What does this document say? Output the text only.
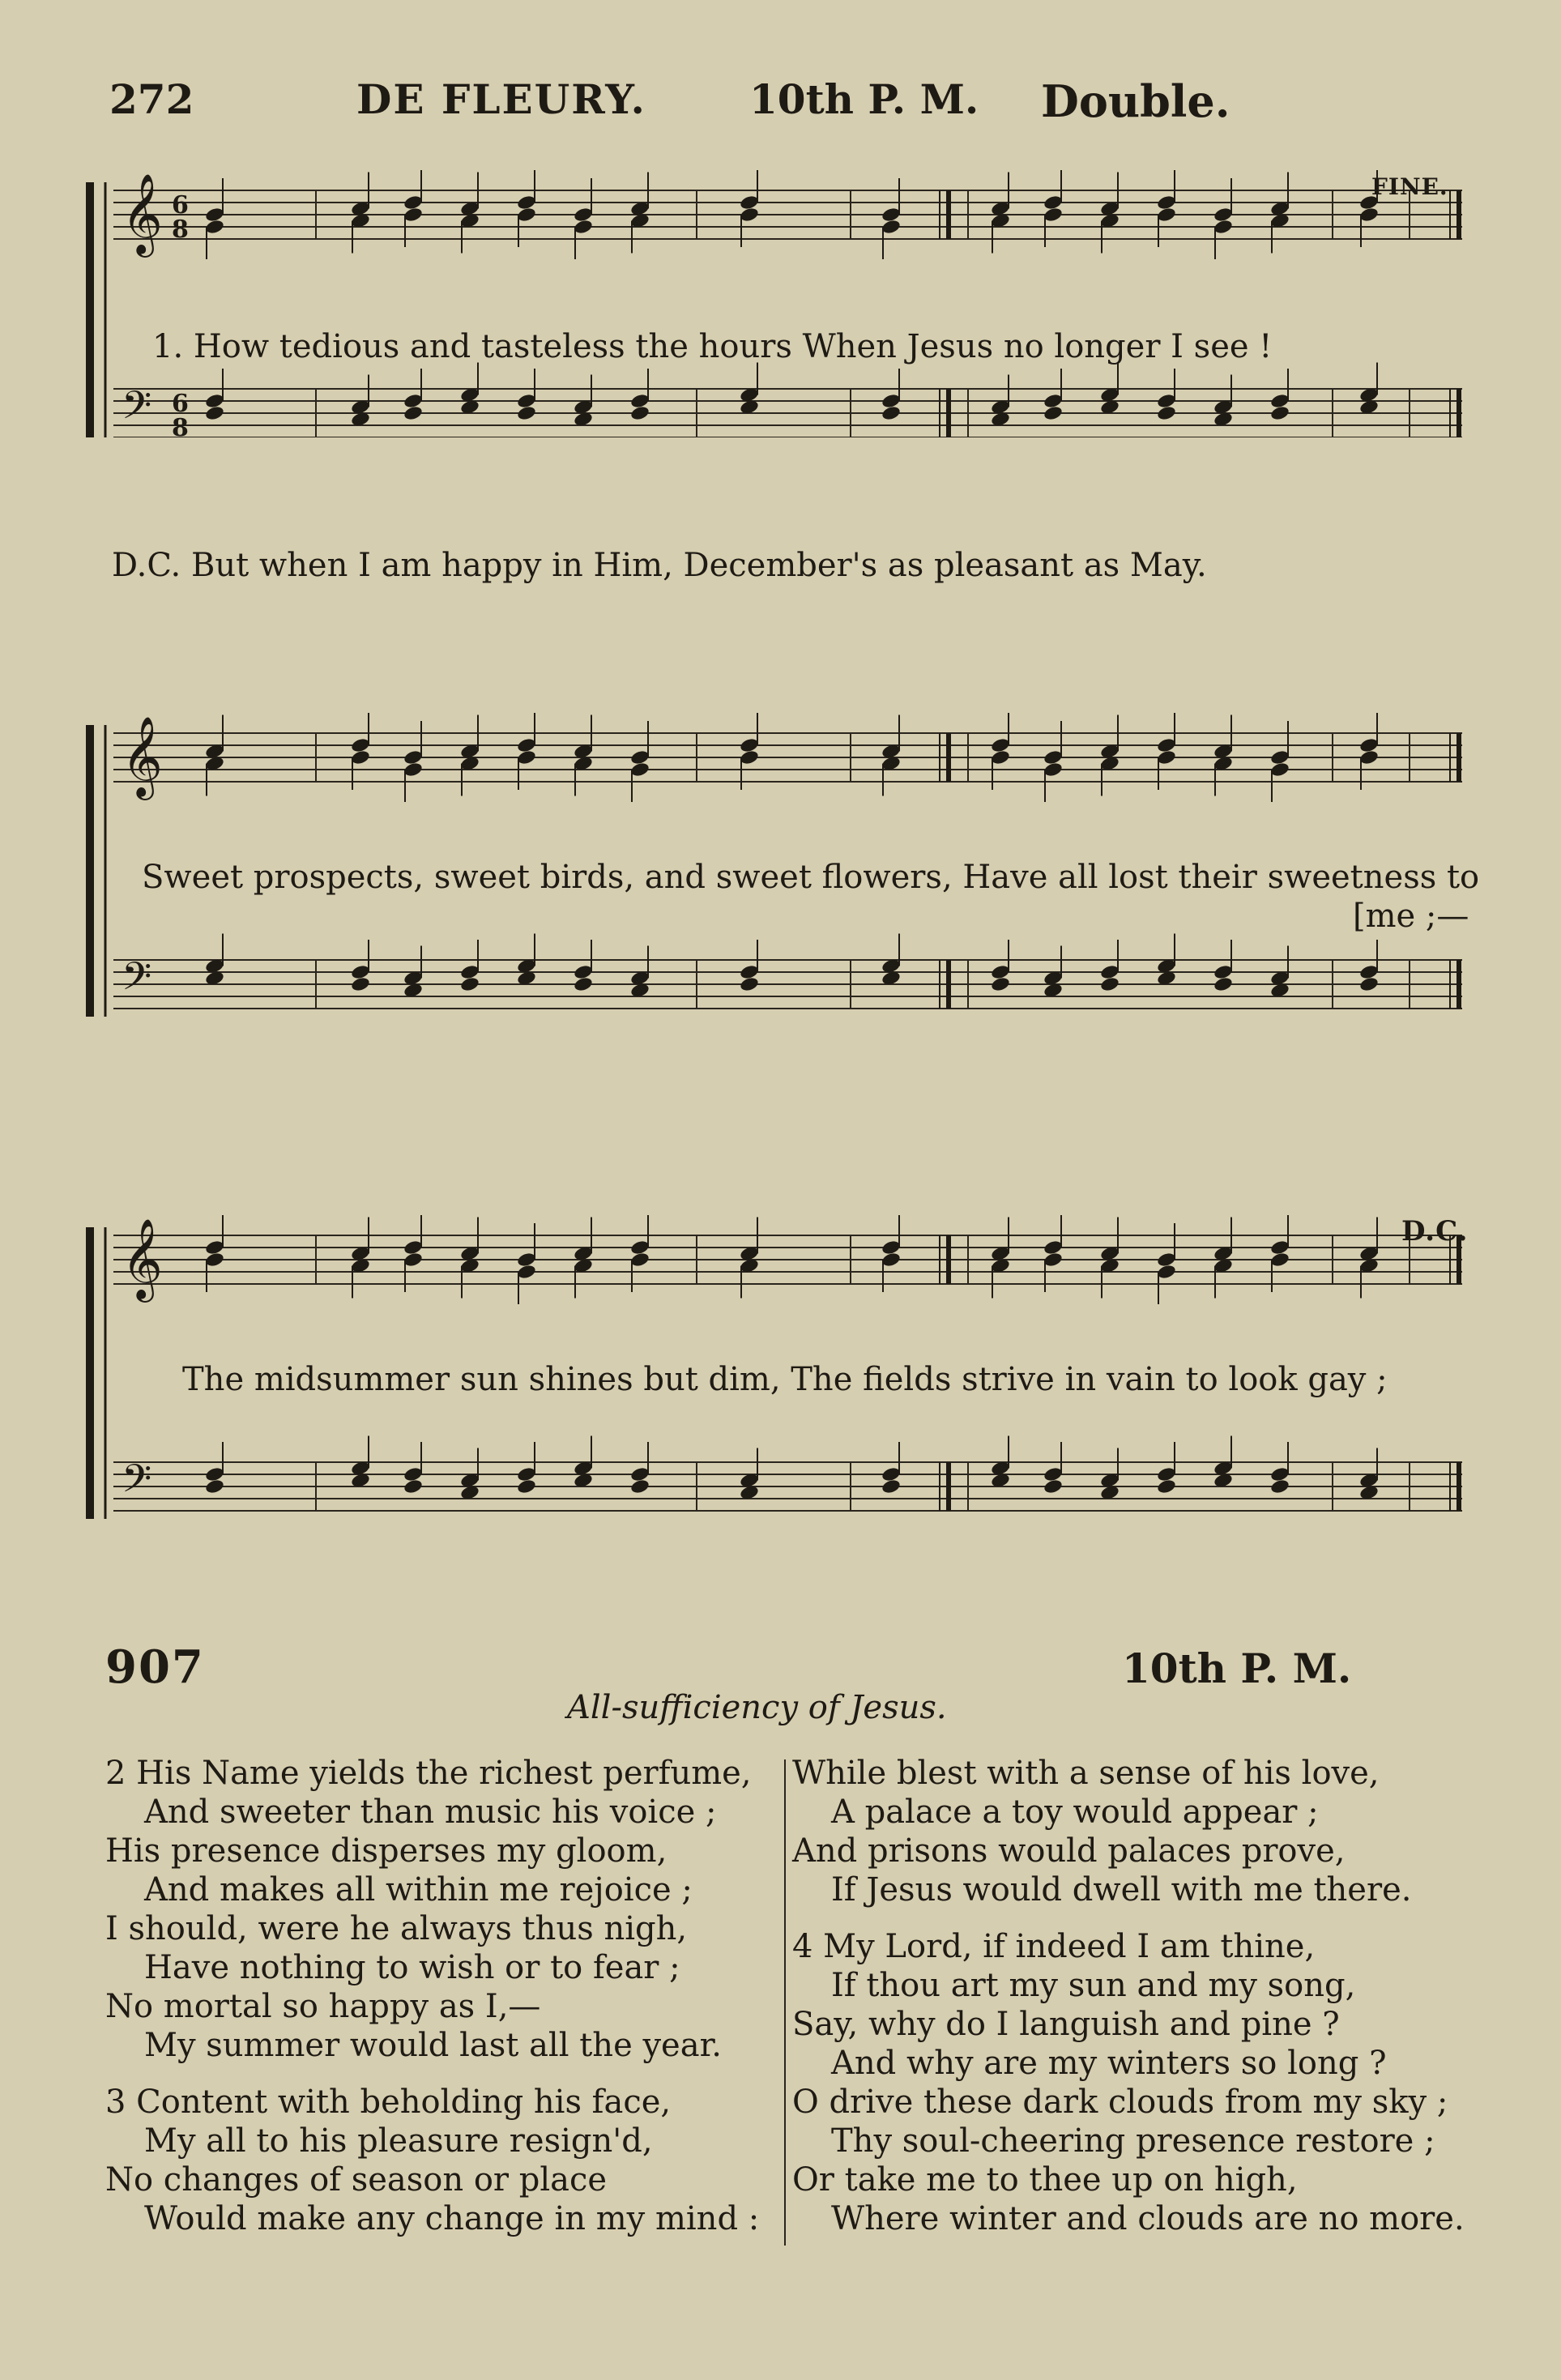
272	DE FLEURY.	10th P. M. Double.
𝄞
𝄢
6
8
6
8
FINE.
1. How tedious and tasteless the hours When Jesus no longer I see !
D.C. But when I am happy in Him, December's as pleasant as May.
𝄞
𝄢
Sweet prospects, sweet birds, and sweet flowers, Have all lost their sweetness to
[me ;—
𝄞
𝄢
D.C.
The midsummer sun shines but dim, The fields strive in vain to look gay ;
907	10th P. M.
All-sufficiency of Jesus.
2 His Name yields the richest perfume,
And sweeter than music his voice ;
His presence disperses my gloom,
And makes all within me rejoice ;
I should, were he always thus nigh,
Have nothing to wish or to fear ;
No mortal so happy as I,—
My summer would last all the year.
3 Content with beholding his face,
My all to his pleasure resign'd,
No changes of season or place
Would make any change in my mind :
While blest with a sense of his love,
A palace a toy would appear ;
And prisons would palaces prove,
If Jesus would dwell with me there.
4 My Lord, if indeed I am thine,
If thou art my sun and my song,
Say, why do I languish and pine ?
And why are my winters so long ?
O drive these dark clouds from my sky ;
Thy soul-cheering presence restore ;
Or take me to thee up on high,
Where winter and clouds are no more.
